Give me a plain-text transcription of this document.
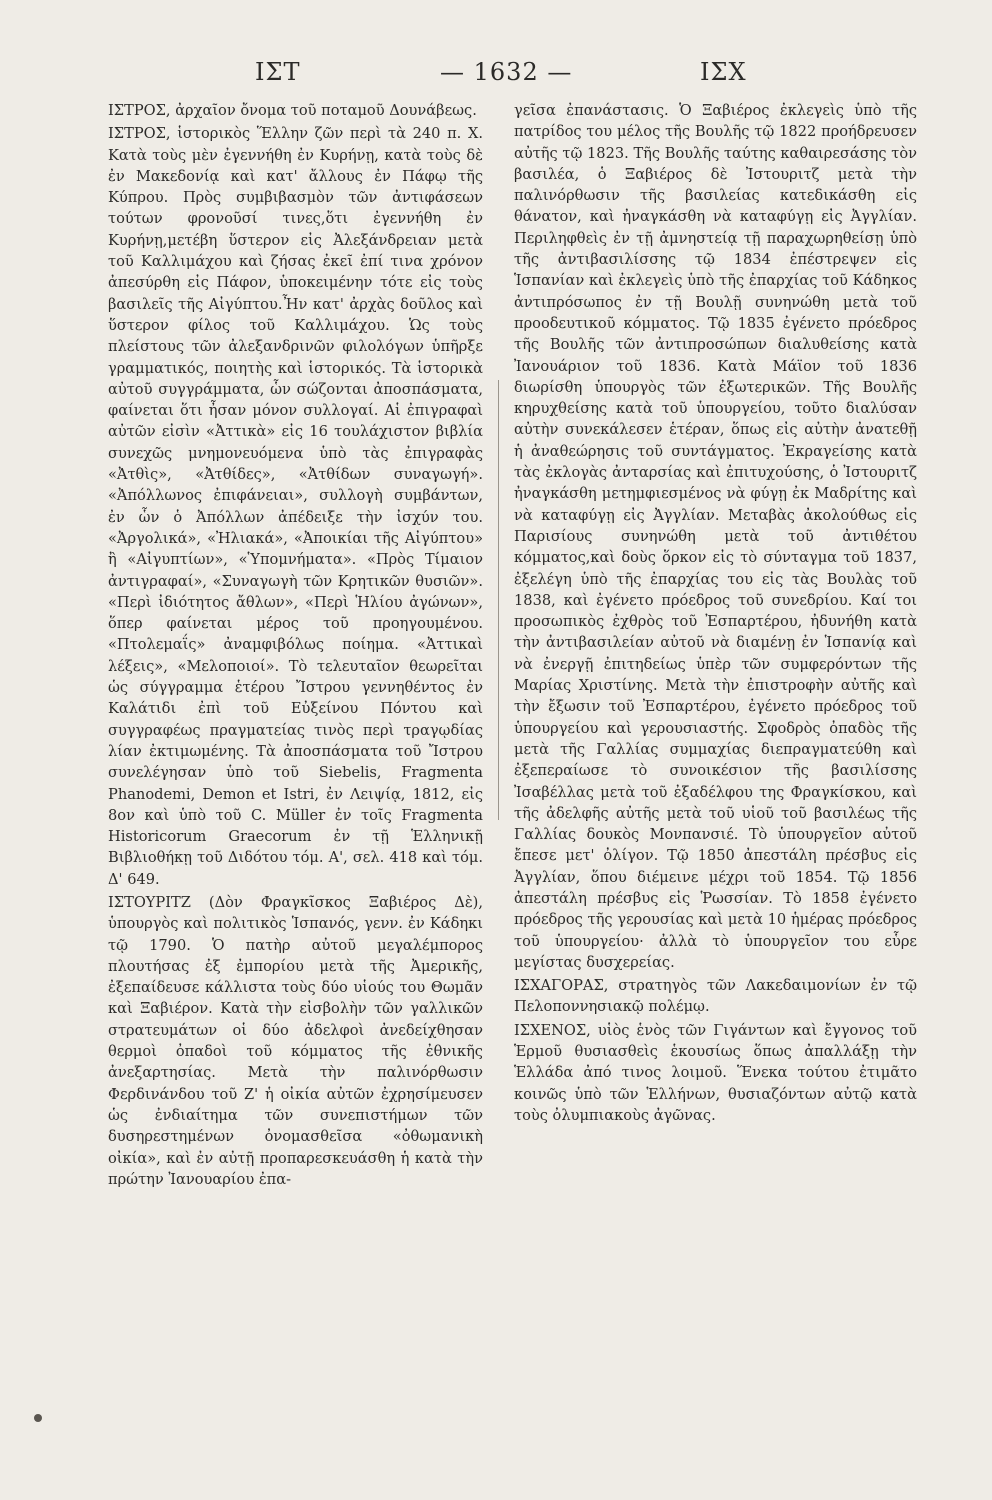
ΙΣΤ	— 1632 —	ΙΣΧ

ΙΣΤΡΟΣ, ἀρχαῖον ὄνομα τοῦ ποταμοῦ Δουνάβεως.

ΙΣΤΡΟΣ, ἱστορικὸς Ἕλλην ζῶν περὶ τὰ 240 π. Χ. Κατὰ τοὺς μὲν ἐγεννήθη ἐν Κυρήνῃ, κατὰ τοὺς δὲ ἐν Μακεδονίᾳ καὶ κατ' ἄλλους ἐν Πάφῳ τῆς Κύπρου. Πρὸς συμβιβασμὸν τῶν ἀντιφάσεων τούτων φρονοῦσί τινες,ὅτι ἐγεννήθη ἐν Κυρήνῃ,μετέβη ὕστερον εἰς Ἀλεξάνδρειαν μετὰ τοῦ Καλλιμάχου καὶ ζήσας ἐκεῖ ἐπί τινα χρόνον ἀπεσύρθη εἰς Πάφον, ὑποκειμένην τότε εἰς τοὺς βασιλεῖς τῆς Αἰγύπτου.Ἦν κατ' ἀρχὰς δοῦλος καὶ ὕστερον φίλος τοῦ Καλλιμάχου. Ὡς τοὺς πλείστους τῶν ἀλεξανδρινῶν φιλολόγων ὑπῆρξε γραμματικός, ποιητὴς καὶ ἱστορικός. Τὰ ἱστορικὰ αὐτοῦ συγγράμματα, ὧν σώζονται ἀποσπάσματα, φαίνεται ὅτι ἦσαν μόνον συλλογαί. Αἱ ἐπιγραφαὶ αὐτῶν εἰσὶν «Ἀττικὰ» εἰς 16 τουλάχιστον βιβλία συνεχῶς μνημονευόμενα ὑπὸ τὰς ἐπιγραφὰς «Ἀτθὶς», «Ἀτθίδες», «Ἀτθίδων συναγωγή». «Ἀπόλλωνος ἐπιφάνειαι», συλλογὴ συμβάντων, ἐν ὧν ὁ Ἀπόλλων ἀπέδειξε τὴν ἰσχύν του. «Ἀργολικά», «Ἠλιακά», «Ἀποικίαι τῆς Αἰγύπτου» ἢ «Αἰγυπτίων», «Ὑπομνήματα». «Πρὸς Τίμαιον ἀντιγραφαί», «Συναγωγὴ τῶν Κρητικῶν θυσιῶν». «Περὶ ἰδιότητος ἄθλων», «Περὶ Ἡλίου ἀγώνων», ὅπερ φαίνεται μέρος τοῦ προηγουμένου. «Πτολεμαΐς» ἀναμφιβόλως ποίημα. «Ἀττικαὶ λέξεις», «Μελοποιοί». Τὸ τελευταῖον θεωρεῖται ὡς σύγγραμμα ἑτέρου Ἴστρου γεννηθέντος ἐν Καλάτιδι ἐπὶ τοῦ Εὐξείνου Πόντου καὶ συγγραφέως πραγματείας τινὸς περὶ τραγῳδίας λίαν ἐκτιμωμένης. Τὰ ἀποσπάσματα τοῦ Ἴστρου συνελέγησαν ὑπὸ τοῦ Siebelis, Fragmenta Phanodemi, Demon et Istri, ἐν Λειψίᾳ, 1812, εἰς 8ον καὶ ὑπὸ τοῦ C. Müller ἐν τοῖς Fragmenta Historicorum Graecorum ἐν τῇ Ἑλληνικῇ Βιβλιοθήκῃ τοῦ Διδότου τόμ. Α', σελ. 418 καὶ τόμ. Δ' 649.

ΙΣΤΟΥΡΙΤΖ (Δὸν Φραγκῖσκος Ξαβιέρος Δὲ), ὑπουργὸς καὶ πολιτικὸς Ἱσπανός, γενν. ἐν Κάδηκι τῷ 1790. Ὁ πατὴρ αὐτοῦ μεγαλέμπορος πλουτήσας ἐξ ἐμπορίου μετὰ τῆς Ἀμερικῆς, ἐξεπαίδευσε κάλλιστα τοὺς δύο υἱούς του Θωμᾶν καὶ Ξαβιέρον. Κατὰ τὴν εἰσβολὴν τῶν γαλλικῶν στρατευμάτων οἱ δύο ἀδελφοὶ ἀνεδείχθησαν θερμοὶ ὀπαδοὶ τοῦ κόμματος τῆς ἐθνικῆς ἀνεξαρτησίας. Μετὰ τὴν παλινόρθωσιν Φερδινάνδου τοῦ Ζ' ἡ οἰκία αὐτῶν ἐχρησίμευσεν ὡς ἐνδιαίτημα τῶν συνεπιστήμων τῶν δυσηρεστημένων ὀνομασθεῖσα «ὀθωμανικὴ οἰκία», καὶ ἐν αὐτῇ προπαρεσκευάσθη ἡ κατὰ τὴν πρώτην Ἰανουαρίου ἐπα-

γεῖσα ἐπανάστασις. Ὁ Ξαβιέρος ἐκλεγεὶς ὑπὸ τῆς πατρίδος του μέλος τῆς Βουλῆς τῷ 1822 προήδρευσεν αὐτῆς τῷ 1823. Τῆς Βουλῆς ταύτης καθαιρεσάσης τὸν βασιλέα, ὁ Ξαβιέρος δὲ Ἰστουριτζ μετὰ τὴν παλινόρθωσιν τῆς βασιλείας κατεδικάσθη εἰς θάνατον, καὶ ἠναγκάσθη νὰ καταφύγῃ εἰς Ἀγγλίαν. Περιληφθεὶς ἐν τῇ ἀμνηστείᾳ τῇ παραχωρηθείσῃ ὑπὸ τῆς ἀντιβασιλίσσης τῷ 1834 ἐπέστρεψεν εἰς Ἱσπανίαν καὶ ἐκλεγεὶς ὑπὸ τῆς ἐπαρχίας τοῦ Κάδηκος ἀντιπρόσωπος ἐν τῇ Βουλῇ συνηνώθη μετὰ τοῦ προοδευτικοῦ κόμματος. Τῷ 1835 ἐγένετο πρόεδρος τῆς Βουλῆς τῶν ἀντιπροσώπων διαλυθείσης κατὰ Ἰανουάριον τοῦ 1836. Κατὰ Μάϊον τοῦ 1836 διωρίσθη ὑπουργὸς τῶν ἐξωτερικῶν. Τῆς Βουλῆς κηρυχθείσης κατὰ τοῦ ὑπουργείου, τοῦτο διαλύσαν αὐτὴν συνεκάλεσεν ἑτέραν, ὅπως εἰς αὐτὴν ἀνατεθῇ ἡ ἀναθεώρησις τοῦ συντάγματος. Ἐκραγείσης κατὰ τὰς ἐκλογὰς ἀνταρσίας καὶ ἐπιτυχούσης, ὁ Ἰστουριτζ ἠναγκάσθη μετημφιεσμένος νὰ φύγῃ ἐκ Μαδρίτης καὶ νὰ καταφύγῃ εἰς Ἀγγλίαν. Μεταβὰς ἀκολούθως εἰς Παρισίους συνηνώθη μετὰ τοῦ ἀντιθέτου κόμματος,καὶ δοὺς ὅρκον εἰς τὸ σύνταγμα τοῦ 1837, ἐξελέγη ὑπὸ τῆς ἐπαρχίας του εἰς τὰς Βουλὰς τοῦ 1838, καὶ ἐγένετο πρόεδρος τοῦ συνεδρίου. Καί τοι προσωπικὸς ἐχθρὸς τοῦ Ἐσπαρτέρου, ἠδυνήθη κατὰ τὴν ἀντιβασιλείαν αὐτοῦ νὰ διαμένῃ ἐν Ἱσπανίᾳ καὶ νὰ ἐνεργῇ ἐπιτηδείως ὑπὲρ τῶν συμφερόντων τῆς Μαρίας Χριστίνης. Μετὰ τὴν ἐπιστροφὴν αὐτῆς καὶ τὴν ἔξωσιν τοῦ Ἐσπαρτέρου, ἐγένετο πρόεδρος τοῦ ὑπουργείου καὶ γερουσιαστής. Σφοδρὸς ὀπαδὸς τῆς μετὰ τῆς Γαλλίας συμμαχίας διεπραγματεύθη καὶ ἐξεπεραίωσε τὸ συνοικέσιον τῆς βασιλίσσης Ἰσαβέλλας μετὰ τοῦ ἐξαδέλφου της Φραγκίσκου, καὶ τῆς ἀδελφῆς αὐτῆς μετὰ τοῦ υἱοῦ τοῦ βασιλέως τῆς Γαλλίας δουκὸς Μονπανσιέ. Τὸ ὑπουργεῖον αὐτοῦ ἔπεσε μετ' ὀλίγον. Τῷ 1850 ἀπεστάλη πρέσβυς εἰς Ἀγγλίαν, ὅπου διέμεινε μέχρι τοῦ 1854. Τῷ 1856 ἀπεστάλη πρέσβυς εἰς Ῥωσσίαν. Τὸ 1858 ἐγένετο πρόεδρος τῆς γερουσίας καὶ μετὰ 10 ἡμέρας πρόεδρος τοῦ ὑπουργείου· ἀλλὰ τὸ ὑπουργεῖον του εὗρε μεγίστας δυσχερείας.

ΙΣΧΑΓΟΡΑΣ, στρατηγὸς τῶν Λακεδαιμονίων ἐν τῷ Πελοποννησιακῷ πολέμῳ.

ΙΣΧΕΝΟΣ, υἱὸς ἑνὸς τῶν Γιγάντων καὶ ἔγγονος τοῦ Ἑρμοῦ θυσιασθεὶς ἑκουσίως ὅπως ἀπαλλάξῃ τὴν Ἑλλάδα ἀπό τινος λοιμοῦ. Ἕνεκα τούτου ἐτιμᾶτο κοινῶς ὑπὸ τῶν Ἑλλήνων, θυσιαζόντων αὐτῷ κατὰ τοὺς ὀλυμπιακοὺς ἀγῶνας.
